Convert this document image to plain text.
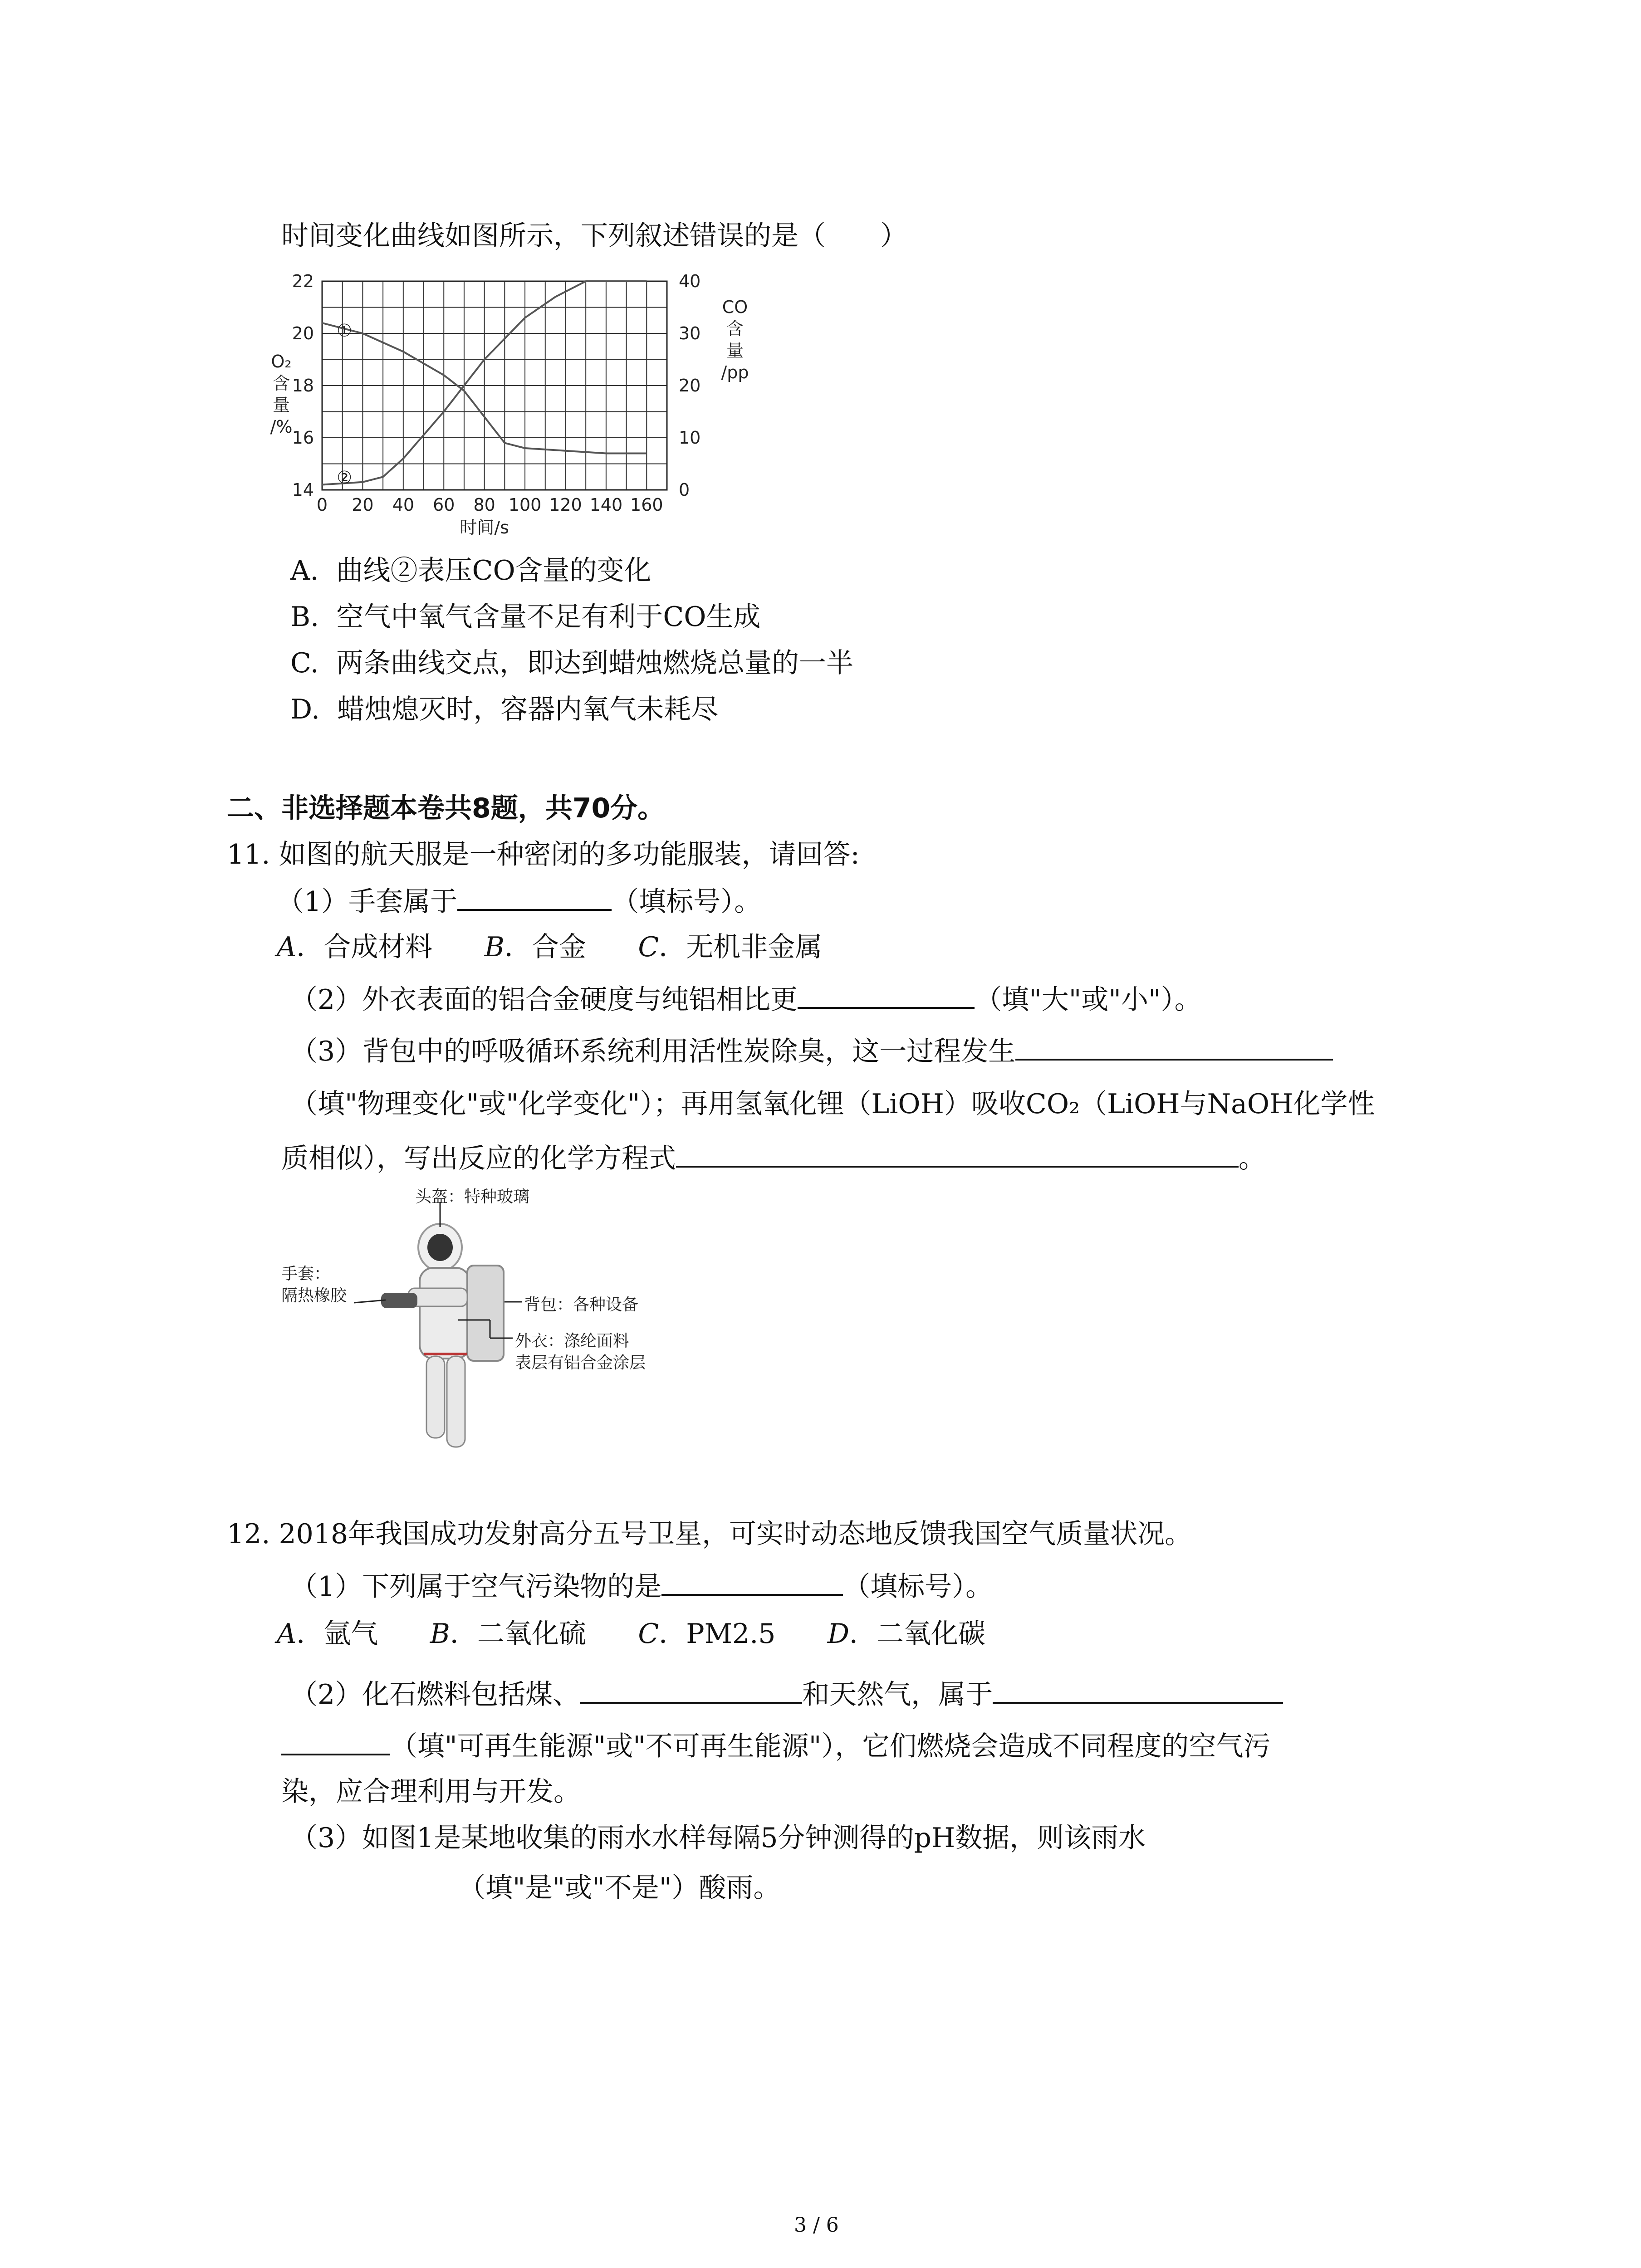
时间变化曲线如图所示，下列叙述错误的是（　　）
0 20 40 60 80 100 120 140 160
14
16
18
20
22
0
10
20
30
40
时间/s
O₂
含
量
/%
CO
含
量
/pp
①
②
A. 曲线②表压CO含量的变化
B. 空气中氧气含量不足有利于CO生成
C. 两条曲线交点，即达到蜡烛燃烧总量的一半
D. 蜡烛熄灭时，容器内氧气未耗尽
二、非选择题本卷共8题，共70分。
11. 如图的航天服是一种密闭的多功能服装，请回答:
（1）手套属于	（填标号）。
A．合成材料 B．合金 C．无机非金属
（2）外衣表面的铝合金硬度与纯铝相比更	（填"大"或"小"）。
（3）背包中的呼吸循环系统利用活性炭除臭，这一过程发生
（填"物理变化"或"化学变化"）；再用氢氧化锂（LiOH）吸收CO₂（LiOH与NaOH化学性
质相似），写出反应的化学方程式	。
头盔：特种玻璃
手套：
隔热橡胶	背包：各种设备
外衣：涤纶面料
表层有铝合金涂层
12. 2018年我国成功发射高分五号卫星，可实时动态地反馈我国空气质量状况。
（1）下列属于空气污染物的是	（填标号）。
A．氩气 B．二氧化硫 C．PM2.5 D．二氧化碳
（2）化石燃料包括煤、	和天然气，属于
（填"可再生能源"或"不可再生能源"），它们燃烧会造成不同程度的空气污
染，应合理利用与开发。
（3）如图1是某地收集的雨水水样每隔5分钟测得的pH数据，则该雨水
（填"是"或"不是"）酸雨。
3 / 6
